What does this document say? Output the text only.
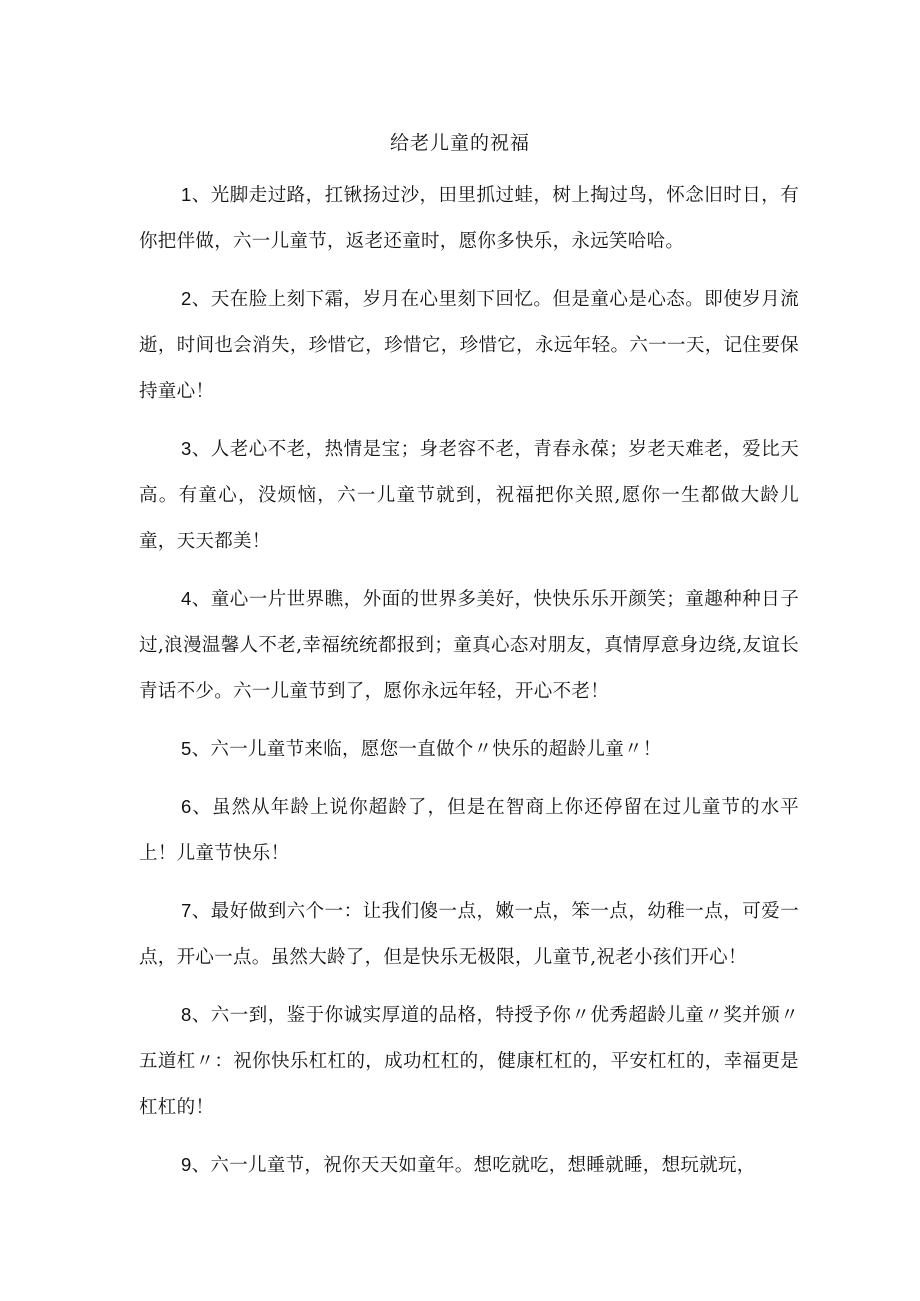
给老儿童的祝福

1、光脚走过路，扛锹扬过沙，田里抓过蛙，树上掏过鸟，怀念旧时日，有你把伴做，六一儿童节，返老还童时，愿你多快乐，永远笑哈哈。

2、天在脸上刻下霜，岁月在心里刻下回忆。但是童心是心态。即使岁月流逝，时间也会消失，珍惜它，珍惜它，珍惜它，永远年轻。六一一天，记住要保持童心！

3、人老心不老，热情是宝；身老容不老，青春永葆；岁老天难老，爱比天高。有童心，没烦恼，六一儿童节就到，祝福把你关照,愿你一生都做大龄儿童，天天都美！

4、童心一片世界瞧，外面的世界多美好，快快乐乐开颜笑；童趣种种日子过,浪漫温馨人不老,幸福统统都报到；童真心态对朋友，真情厚意身边绕,友谊长青话不少。六一儿童节到了，愿你永远年轻，开心不老！

5、六一儿童节来临，愿您一直做个〃快乐的超龄儿童〃！

6、虽然从年龄上说你超龄了，但是在智商上你还停留在过儿童节的水平上！儿童节快乐！

7、最好做到六个一：让我们傻一点，嫩一点，笨一点，幼稚一点，可爱一点，开心一点。虽然大龄了，但是快乐无极限，儿童节,祝老小孩们开心！

8、六一到，鉴于你诚实厚道的品格，特授予你〃优秀超龄儿童〃奖并颁〃五道杠〃：祝你快乐杠杠的，成功杠杠的，健康杠杠的，平安杠杠的，幸福更是杠杠的！

9、六一儿童节，祝你天天如童年。想吃就吃，想睡就睡，想玩就玩，
